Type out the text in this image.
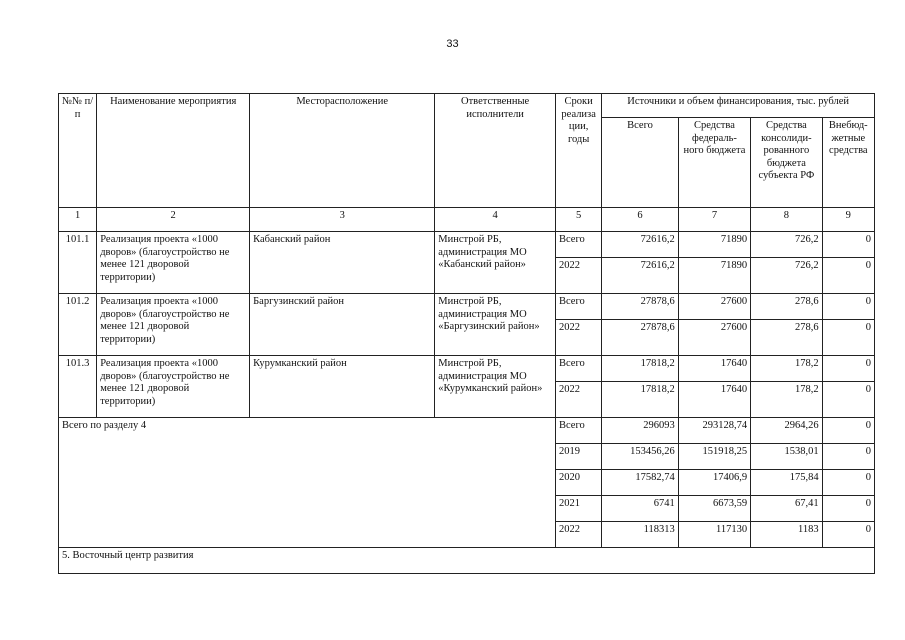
33
№№ п/п	Наименование мероприятия	Месторасположение	Ответственные исполнители	Сроки реализа ции, годы	Источники и объем финансирования, тыс. рублей			
					Всего	Средства федераль- ного бюджета	Средства консолиди- рованного бюджета субъекта РФ	Внебюд- жетные средства
1	2	3	4	5	6	7	8	9
101.1	Реализация проекта «1000 дворов» (благоустройство не менее 121 дворовой территории)	Кабанский район	Минстрой РБ, администрация МО «Кабанский район»	Всего	72616,2	71890	726,2	0
				2022	72616,2	71890	726,2	0
101.2	Реализация проекта «1000 дворов» (благоустройство не менее 121 дворовой территории)	Баргузинский район	Минстрой РБ, администрация МО «Баргузинский район»	Всего	27878,6	27600	278,6	0
				2022	27878,6	27600	278,6	0
101.3	Реализация проекта «1000 дворов» (благоустройство не менее 121 дворовой территории)	Курумканский район	Минстрой РБ, администрация МО «Курумканский район»	Всего	17818,2	17640	178,2	0
				2022	17818,2	17640	178,2	0
Всего по разделу 4				Всего	296093	293128,74	2964,26	0
				2019	153456,26	151918,25	1538,01	0
				2020	17582,74	17406,9	175,84	0
				2021	6741	6673,59	67,41	0
				2022	118313	117130	1183	0
5. Восточный центр развития								
